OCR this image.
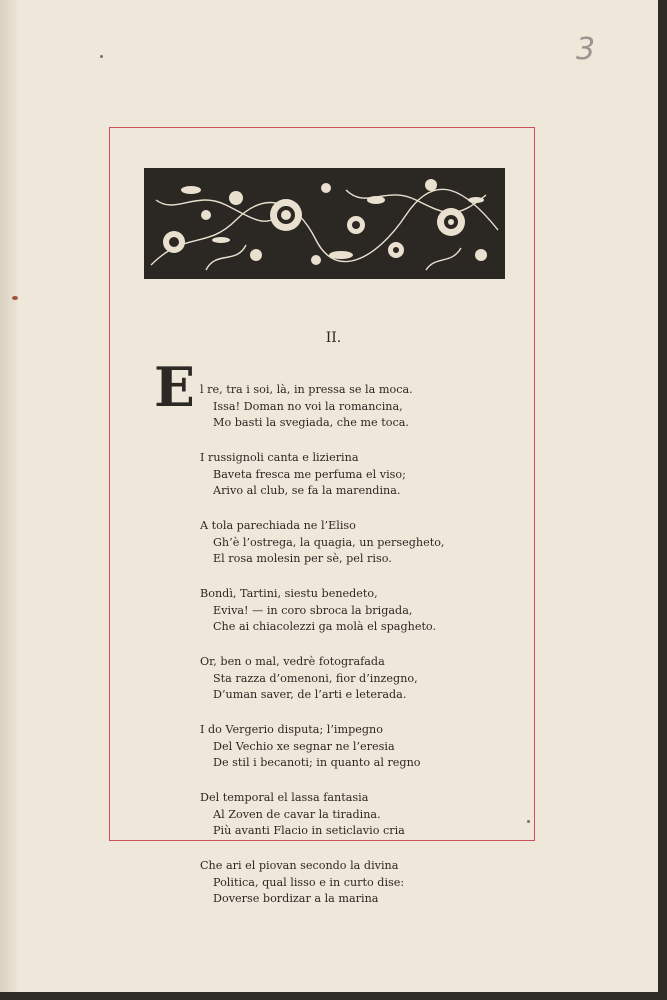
3
II.
E l re, tra i soi, là, in pressa se la moca.
Issa! Doman no voi la romancina,
Mo basti la svegiada, che me toca.
I russignoli canta e lizierina
Baveta fresca me perfuma el viso;
Arivo al club, se fa la marendina.
A tola parechiada ne l’Eliso
Gh’è l’ostrega, la quagia, un persegheto,
El rosa molesin per sè, pel riso.
Bondì, Tartini, siestu benedeto,
Eviva! — in coro sbroca la brigada,
Che ai chiacolezzi ga molà el spagheto.
Or, ben o mal, vedrè fotografada
Sta razza d’omenoni, fior d’inzegno,
D’uman saver, de l’arti e leterada.
I do Vergerio disputa; l’impegno
Del Vechio xe segnar ne l’eresia
De stil i becanoti; in quanto al regno
Del temporal el lassa fantasia
Al Zoven de cavar la tiradina.
Più avanti Flacio in seticlavio cria
Che ari el piovan secondo la divina
Politica, qual lisso e in curto dise:
Doverse bordizar a la marina
